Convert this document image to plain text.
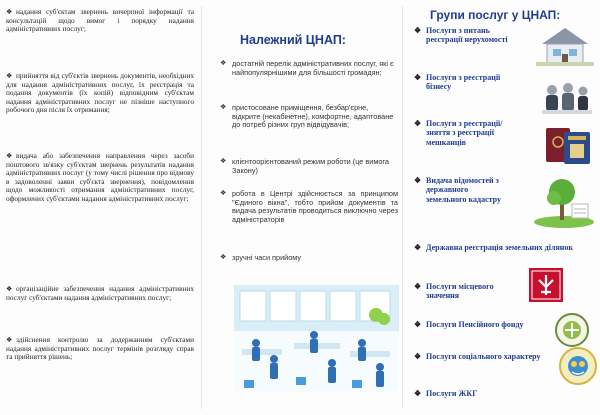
❖ надання суб'єктам звернень вичерпної інформації та консультацій щодо вимог і порядку надання адміністративних послуг;
❖ прийняття від суб'єктів звернень документів, необхідних для надання адміністративних послуг, їх реєстрація та подання документів (їх копій) відповідним суб'єктам надання адміністративних послуг не пізніше наступного робочого дня після їх отримання;
❖ видача або забезпечення направлення через засоби поштового зв'язку суб'єктам звернень результатів надання адміністративних послуг (у тому числі рішення про відмову в задоволенні заяви суб'єкта звернення), повідомлення щодо можливості отримання адміністративних послуг, оформлених суб'єктами надання адміністративних послуг;
❖ організаційне забезпечення надання адміністративних послуг суб'єктами надання адміністративних послуг;
❖ здійснення контролю за додержанням суб'єктами надання адміністративних послуг термінів розгляду справ та прийняття рішень;
Належний ЦНАП:
❖ достатній перелік адміністративних послуг, які є найпопулярнішими для більшості громадян;
❖ пристосоване приміщення, безбар'єрне, відкрите (некабінетне), комфортне, адаптоване до потреб різних груп відвідувачів;
❖ клієнтоорієнтований режим роботи (це вимога Закону)
❖ робота в Центрі здійснюється за принципом "Єдиного вікна", тобто прийом документів та видача результатів проводиться виключно через адміністраторів
❖ зручні часи прийому
Групи послуг у ЦНАП:
❖ Послуги з питань реєстрації нерухомості
❖ Послуги з реєстрації бізнесу
❖ Послуги з реєстрації/зняття з реєстрації мешканців
❖ Видача відомостей з державного земельного кадастру
❖ Державна реєстрація земельних ділянок
❖ Послуги місцевого значення
❖ Послуги Пенсійного фонду
❖ Послуги соціального характеру
❖ Послуги ЖКГ
